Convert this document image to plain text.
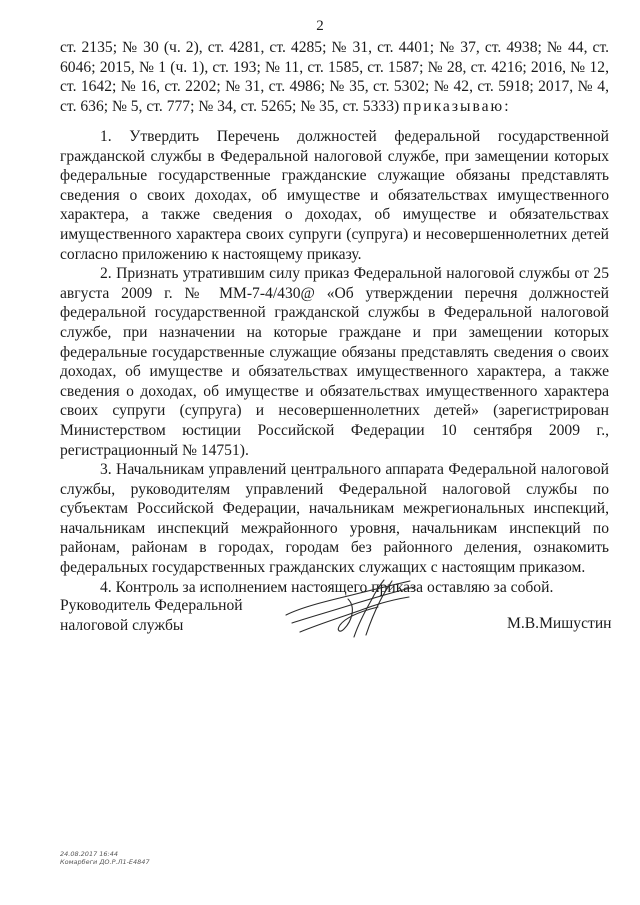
2

ст. 2135; № 30 (ч. 2), ст. 4281, ст. 4285; № 31, ст. 4401; № 37, ст. 4938; № 44, ст. 6046; 2015, № 1 (ч. 1), ст. 193; № 11, ст. 1585, ст. 1587; № 28, ст. 4216; 2016, № 12, ст. 1642; № 16, ст. 2202; № 31, ст. 4986; № 35, ст. 5302; № 42, ст. 5918; 2017, № 4, ст. 636; № 5, ст. 777; № 34, ст. 5265; № 35, ст. 5333) приказываю:

1. Утвердить Перечень должностей федеральной государственной гражданской службы в Федеральной налоговой службе, при замещении которых федеральные государственные гражданские служащие обязаны представлять сведения о своих доходах, об имуществе и обязательствах имущественного характера, а также сведения о доходах, об имуществе и обязательствах имущественного характера своих супруги (супруга) и несовершеннолетних детей согласно приложению к настоящему приказу.

2. Признать утратившим силу приказ Федеральной налоговой службы от 25 августа 2009 г. № ММ-7-4/430@ «Об утверждении перечня должностей федеральной государственной гражданской службы в Федеральной налоговой службе, при назначении на которые граждане и при замещении которых федеральные государственные служащие обязаны представлять сведения о своих доходах, об имуществе и обязательствах имущественного характера, а также сведения о доходах, об имуществе и обязательствах имущественного характера своих супруги (супруга) и несовершеннолетних детей» (зарегистрирован Министерством юстиции Российской Федерации 10 сентября 2009 г., регистрационный № 14751).

3. Начальникам управлений центрального аппарата Федеральной налоговой службы, руководителям управлений Федеральной налоговой службы по субъектам Российской Федерации, начальникам межрегиональных инспекций, начальникам инспекций межрайонного уровня, начальникам инспекций по районам, районам в городах, городам без районного деления, ознакомить федеральных государственных гражданских служащих с настоящим приказом.

4. Контроль за исполнением настоящего приказа оставляю за собой.

Руководитель Федеральной
налоговой службы	М.В.Мишустин
24.08.2017 16:44
Комарбеги ДО.Р.Л1-Е4847
